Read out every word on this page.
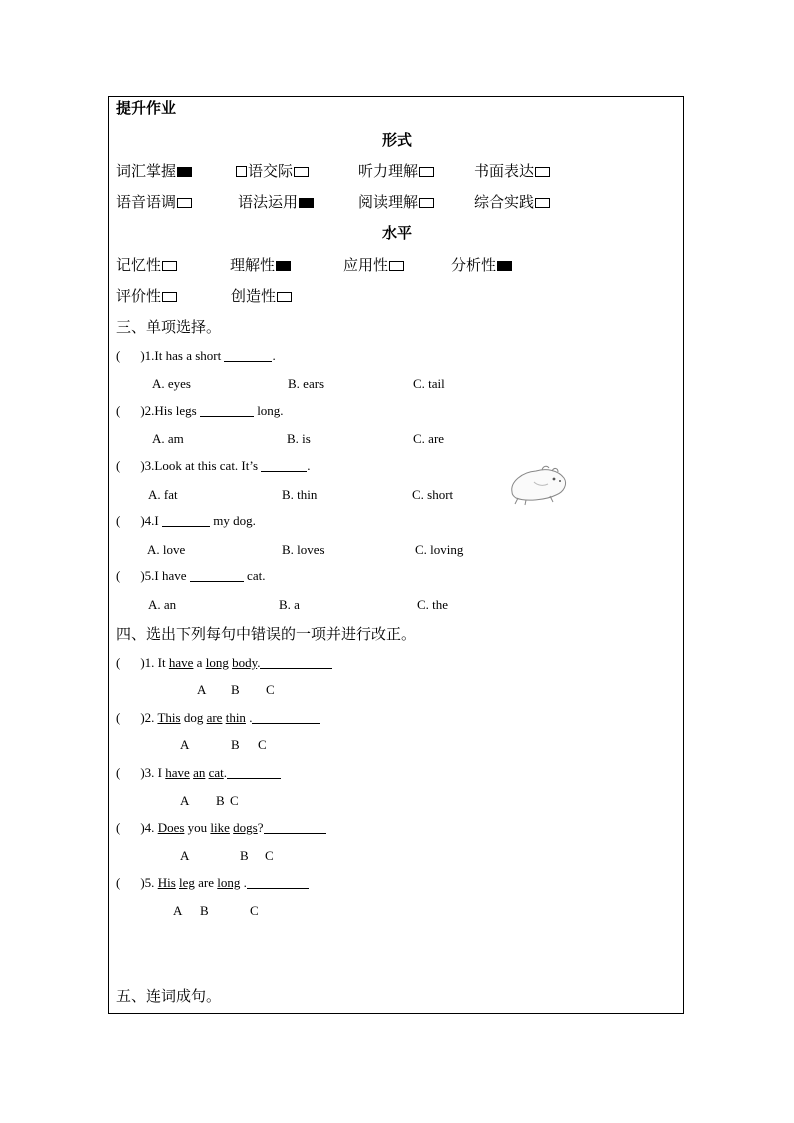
提升作业
形式
词汇掌握	语交际	听力理解	书面表达
语音语调	语法运用	阅读理解	综合实践
水平
记忆性	理解性	应用性	分析性
评价性	创造性
三、单项选择。
( )1.It has a short	.
A. eyes	B. ears	C. tail
( )2.His legs	long.
A. am	B. is	C. are
( )3.Look at this cat. It’s	.
A. fat	B. thin	C. short
( )4.I	my dog.
A. love	B. loves	C. loving
( )5.I have	cat.
A. an	B. a	C. the
四、选出下列每句中错误的一项并进行改正。
( )1. It have a long body.
A B C
( )2. This dog are thin .
A	B C
( )3. I have an cat.
A B C
( )4. Does you like dogs?
A	B C
( )5. His leg are long .
A B	C
五、连词成句。
